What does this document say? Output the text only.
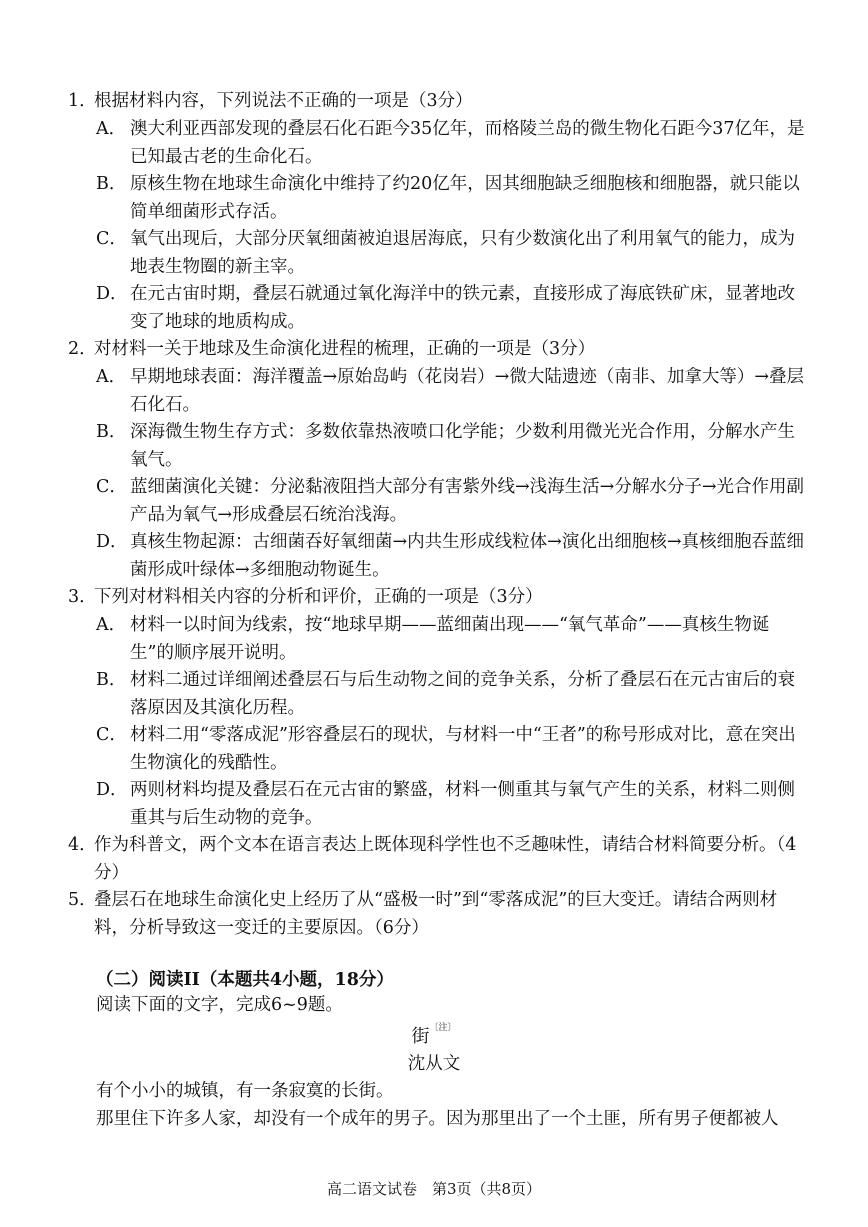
1．
根据材料内容，下列说法不正确的一项是（3分）
A． 澳大利亚西部发现的叠层石化石距今35亿年，而格陵兰岛的微生物化石距今37亿年，是已知最古老的生命化石。
B． 原核生物在地球生命演化中维持了约20亿年，因其细胞缺乏细胞核和细胞器，就只能以简单细菌形式存活。
C． 氧气出现后，大部分厌氧细菌被迫退居海底，只有少数演化出了利用氧气的能力，成为地表生物圈的新主宰。
D． 在元古宙时期，叠层石就通过氧化海洋中的铁元素，直接形成了海底铁矿床，显著地改变了地球的地质构成。
2．
对材料一关于地球及生命演化进程的梳理，正确的一项是（3分）
A． 早期地球表面：海洋覆盖→原始岛屿（花岗岩）→微大陆遗迹（南非、加拿大等）→叠层石化石。
B． 深海微生物生存方式：多数依靠热液喷口化学能；少数利用微光光合作用，分解水产生氧气。
C． 蓝细菌演化关键：分泌黏液阻挡大部分有害紫外线→浅海生活→分解水分子→光合作用副产品为氧气→形成叠层石统治浅海。
D． 真核生物起源：古细菌吞好氧细菌→内共生形成线粒体→演化出细胞核→真核细胞吞蓝细菌形成叶绿体→多细胞动物诞生。
3．
下列对材料相关内容的分析和评价，正确的一项是（3分）
A． 材料一以时间为线索，按“地球早期——蓝细菌出现——“氧气革命”——真核生物诞生”的顺序展开说明。
B． 材料二通过详细阐述叠层石与后生动物之间的竞争关系，分析了叠层石在元古宙后的衰落原因及其演化历程。
C． 材料二用“零落成泥”形容叠层石的现状，与材料一中“王者”的称号形成对比，意在突出生物演化的残酷性。
D． 两则材料均提及叠层石在元古宙的繁盛，材料一侧重其与氧气产生的关系，材料二则侧重其与后生动物的竞争。
4．
作为科普文，两个文本在语言表达上既体现科学性也不乏趣味性，请结合材料简要分析。（4分）
5．
叠层石在地球生命演化史上经历了从“盛极一时”到“零落成泥”的巨大变迁。请结合两则材料，分析导致这一变迁的主要原因。（6分）
（二）阅读II（本题共4小题，18分）
阅读下面的文字，完成6~9题。
街$^{〔注〕}$
沈从文
有个小小的城镇，有一条寂寞的长街。
那里住下许多人家，却没有一个成年的男子。因为那里出了一个土匪，所有男子便都被人
高二语文试卷　第3页（共8页）
